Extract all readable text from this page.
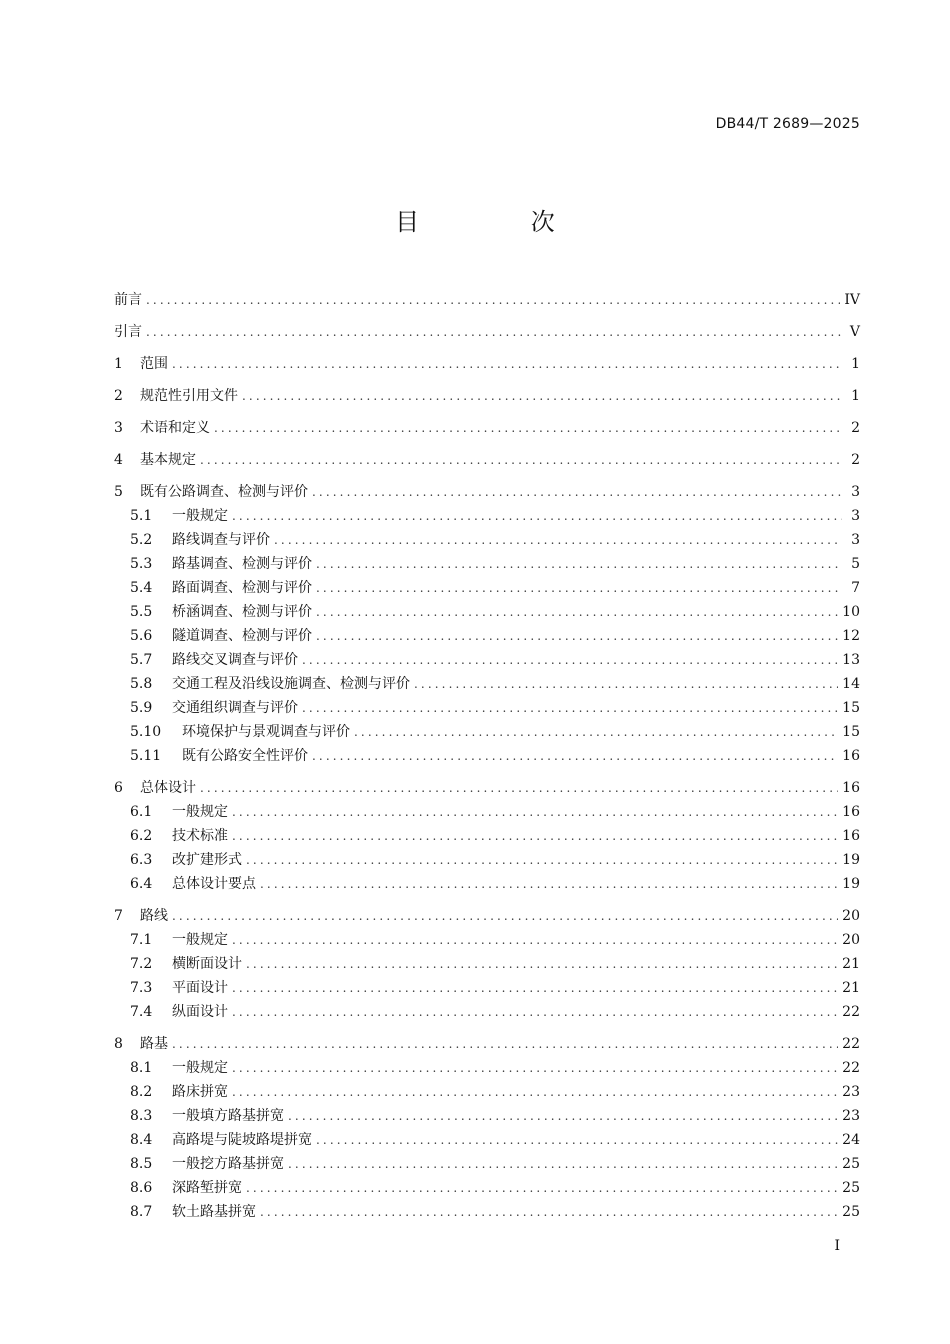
DB44/T 2689—2025
目 次
前言 .....	IV
引言 .....	V
1	范围 .....	1
2	规范性引用文件 .....	1
3	术语和定义 .....	2
4	基本规定 .....	2
5	既有公路调查、检测与评价 .....	3
5.1	一般规定 .....	3
5.2	路线调查与评价 .....	3
5.3	路基调查、检测与评价 .....	5
5.4	路面调查、检测与评价 .....	7
5.5	桥涵调查、检测与评价 .....	10
5.6	隧道调查、检测与评价 .....	12
5.7	路线交叉调查与评价 .....	13
5.8	交通工程及沿线设施调查、检测与评价 .....	14
5.9	交通组织调查与评价 .....	15
5.10	环境保护与景观调查与评价 .....	15
5.11	既有公路安全性评价 .....	16
6	总体设计 .....	16
6.1	一般规定 .....	16
6.2	技术标准 .....	16
6.3	改扩建形式 .....	19
6.4	总体设计要点 .....	19
7	路线 .....	20
7.1	一般规定 .....	20
7.2	横断面设计 .....	21
7.3	平面设计 .....	21
7.4	纵面设计 .....	22
8	路基 .....	22
8.1	一般规定 .....	22
8.2	路床拼宽 .....	23
8.3	一般填方路基拼宽 .....	23
8.4	高路堤与陡坡路堤拼宽 .....	24
8.5	一般挖方路基拼宽 .....	25
8.6	深路堑拼宽 .....	25
8.7	软土路基拼宽 .....	25
I
